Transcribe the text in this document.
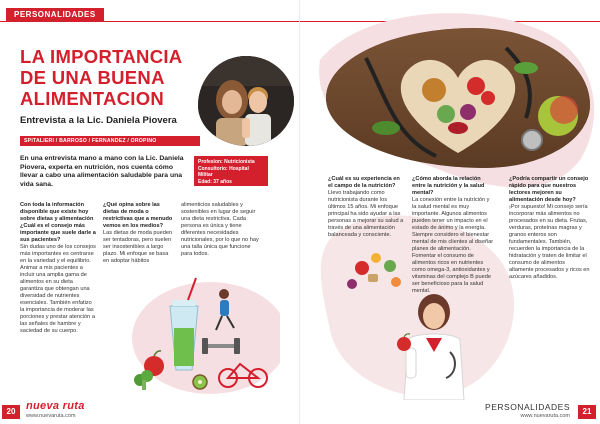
PERSONALIDADES
LA IMPORTANCIA DE UNA BUENA ALIMENTACION
Entrevista a la Lic. Daniela Piovera
SPITALIERI / BARROSO / FERNANDEZ / OROPINO
En una entrevista mano a mano con la Lic. Daniela Piovera, experta en nutrición, nos cuenta cómo llevar a cabo una alimentación saludable para una vida sana.
Profesion: Nutricionista
Consultorio: Hospital Militar
Edad: 37 años
Con toda la información disponible que existe hoy sobre dietas y alimentación ¿Cuál es el consejo más importante que suele darle a sus pacientes?
Sin dudas uno de los consejos más importantes es centrarse en la variedad y el equilibrio. Animar a mis pacientes a incluir una amplia gama de alimentos en su dieta garantiza que obtengan una diversidad de nutrientes esenciales. También enfatizo la importancia de moderar las porciones y prestar atención a las señales de hambre y saciedad de su cuerpo.
¿Qué opina sobre las dietas de moda o restrictivas que a menudo vemos en los medios?
Las dietas de moda pueden ser tentadoras, pero suelen ser insostenibles a largo plazo. Mi enfoque se basa en adoptar hábitos
alimenticios saludables y sostenibles en lugar de seguir una dieta restrictiva. Cada persona es única y tiene diferentes necesidades nutricionales, por lo que no hay una talla única que funcione para todos.
20 nueva ruta
www.nuevaruta.com
¿Cuál es su experiencia en el campo de la nutrición?
Llevo trabajando como nutricionista durante los últimos 15 años. Mi enfoque principal ha sido ayudar a las personas a mejorar su salud a través de una alimentación balanceada y consciente.
¿Cómo aborda la relación entre la nutrición y la salud mental?
La conexión entre la nutrición y la salud mental es muy importante. Algunos alimentos pueden tener un impacto en el estado de ánimo y la energía. Siempre considero el bienestar mental de mis clientes al diseñar planes de alimentación. Fomentar el consumo de alimentos ricos en nutrientes como omega-3, antioxidantes y vitaminas del complejo B puede ser beneficioso para la salud mental.
¿Podría compartir un consejo rápido para que nuestros lectores mejoren su alimentación desde hoy?
¡Por supuesto! Mi consejo sería incorporar más alimentos no procesados en su dieta. Frutas, verduras, proteínas magras y granos enteros son fundamentales. También, recuerden la importancia de la hidratación y traten de limitar el consumo de alimentos altamente procesados y ricos en azúcares añadidos.
PERSONALIDADES
www.nuevaruta.com	21
